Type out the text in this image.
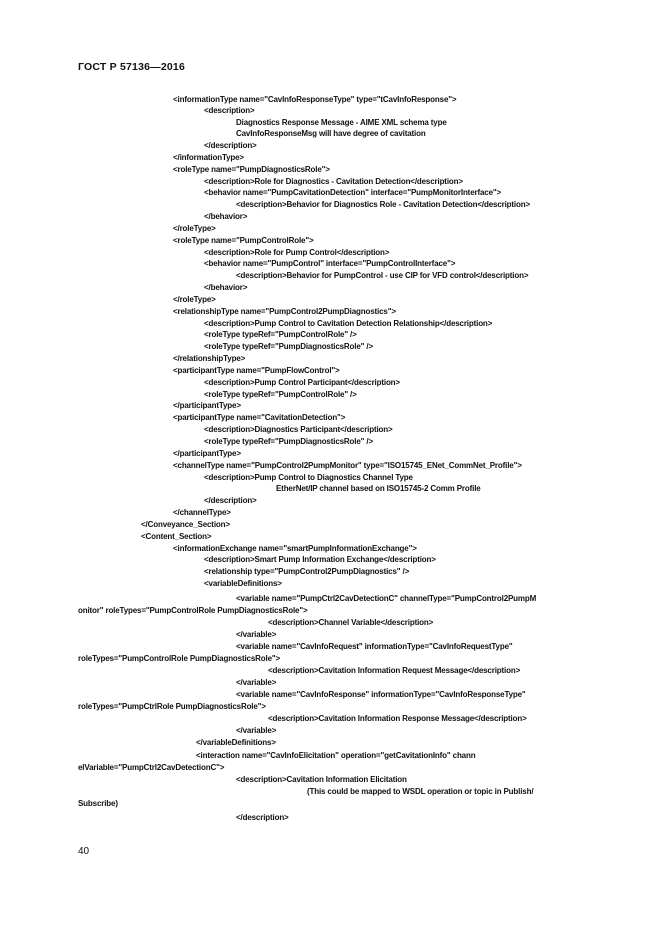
ГОСТ Р 57136—2016
<informationType name="CavInfoResponseType" type="tCavInfoResponse">
<description>
Diagnostics Response Message - AIME XML schema type
CavInfoResponseMsg will have degree of cavitation
</description>
</informationType>
<roleType name="PumpDiagnosticsRole">
<description>Role for Diagnostics - Cavitation Detection</description>
<behavior name="PumpCavitationDetection" interface="PumpMonitorInterface">
<description>Behavior for Diagnostics Role - Cavitation Detection</description>
</behavior>
</roleType>
<roleType name="PumpControlRole">
<description>Role for Pump Control</description>
<behavior name="PumpControl" interface="PumpControlInterface">
<description>Behavior for PumpControl - use CIP for VFD control</description>
</behavior>
</roleType>
<relationshipType name="PumpControl2PumpDiagnostics">
<description>Pump Control to Cavitation Detection Relationship</description>
<roleType typeRef="PumpControlRole" />
<roleType typeRef="PumpDiagnosticsRole" />
</relationshipType>
<participantType name="PumpFlowControl">
<description>Pump Control Participant</description>
<roleType typeRef="PumpControlRole" />
</participantType>
<participantType name="CavitationDetection">
<description>Diagnostics Participant</description>
<roleType typeRef="PumpDiagnosticsRole" />
</participantType>
<channelType name="PumpControl2PumpMonitor" type="ISO15745_ENet_CommNet_Profile">
<description>Pump Control to Diagnostics Channel Type
EtherNet/IP channel based on ISO15745-2 Comm Profile
</description>
</channelType>
</Conveyance_Section>
<Content_Section>
<informationExchange name="smartPumpInformationExchange">
<description>Smart Pump Information Exchange</description>
<relationship type="PumpControl2PumpDiagnostics" />
<variableDefinitions>
<variable name="PumpCtrl2CavDetectionC" channelType="PumpControl2PumpM
onitor" roleTypes="PumpControlRole PumpDiagnosticsRole">
<description>Channel Variable</description>
</variable>
<variable name="CavInfoRequest" informationType="CavInfoRequestType"
roleTypes="PumpControlRole PumpDiagnosticsRole">
<description>Cavitation Information Request Message</description>
</variable>
<variable name="CavInfoResponse" informationType="CavInfoResponseType"
roleTypes="PumpCtrlRole PumpDiagnosticsRole">
<description>Cavitation Information Response Message</description>
</variable>
</variableDefinitions>
<interaction name="CavInfoElicitation" operation="getCavitationInfo" chann
elVariable="PumpCtrl2CavDetectionC">
<description>Cavitation Information Elicitation
(This could be mapped to WSDL operation or topic in Publish/
Subscribe)
</description>
40
